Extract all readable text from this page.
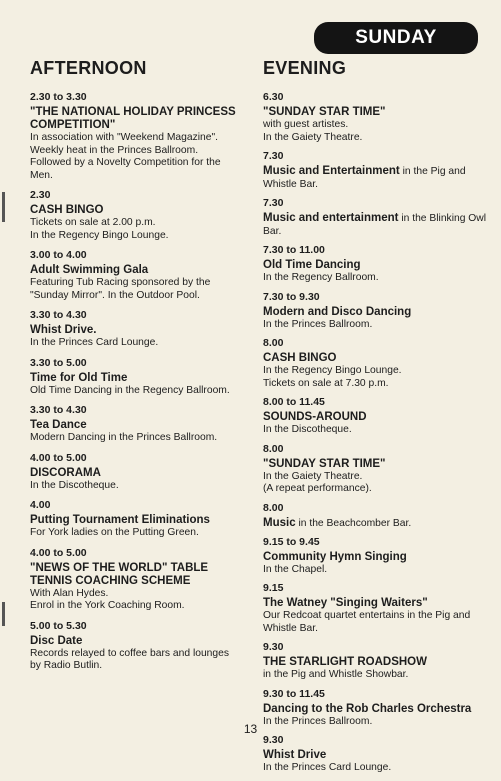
SUNDAY
AFTERNOON
2.30 to 3.30
"THE NATIONAL HOLIDAY PRINCESS COMPETITION"
In association with "Weekend Magazine".
Weekly heat in the Princes Ballroom.
Followed by a Novelty Competition for the Men.
2.30
CASH BINGO
Tickets on sale at 2.00 p.m.
In the Regency Bingo Lounge.
3.00 to 4.00
Adult Swimming Gala
Featuring Tub Racing sponsored by the "Sunday Mirror". In the Outdoor Pool.
3.30 to 4.30
Whist Drive.
In the Princes Card Lounge.
3.30 to 5.00
Time for Old Time
Old Time Dancing in the Regency Ballroom.
3.30 to 4.30
Tea Dance
Modern Dancing in the Princes Ballroom.
4.00 to 5.00
DISCORAMA
In the Discotheque.
4.00
Putting Tournament Eliminations
For York ladies on the Putting Green.
4.00 to 5.00
"NEWS OF THE WORLD" TABLE TENNIS COACHING SCHEME
With Alan Hydes.
Enrol in the York Coaching Room.
5.00 to 5.30
Disc Date
Records relayed to coffee bars and lounges by Radio Butlin.
EVENING
6.30
"SUNDAY STAR TIME"
with guest artistes.
In the Gaiety Theatre.
7.30
Music and Entertainment in the Pig and Whistle Bar.
7.30
Music and entertainment in the Blinking Owl Bar.
7.30 to 11.00
Old Time Dancing
In the Regency Ballroom.
7.30 to 9.30
Modern and Disco Dancing
In the Princes Ballroom.
8.00
CASH BINGO
In the Regency Bingo Lounge.
Tickets on sale at 7.30 p.m.
8.00 to 11.45
SOUNDS-AROUND
In the Discotheque.
8.00
"SUNDAY STAR TIME"
In the Gaiety Theatre.
(A repeat performance).
8.00
Music in the Beachcomber Bar.
9.15 to 9.45
Community Hymn Singing
In the Chapel.
9.15
The Watney "Singing Waiters"
Our Redcoat quartet entertains in the Pig and Whistle Bar.
9.30
THE STARLIGHT ROADSHOW
in the Pig and Whistle Showbar.
9.30 to 11.45
Dancing to the Rob Charles Orchestra
In the Princes Ballroom.
9.30
Whist Drive
In the Princes Card Lounge.
13
